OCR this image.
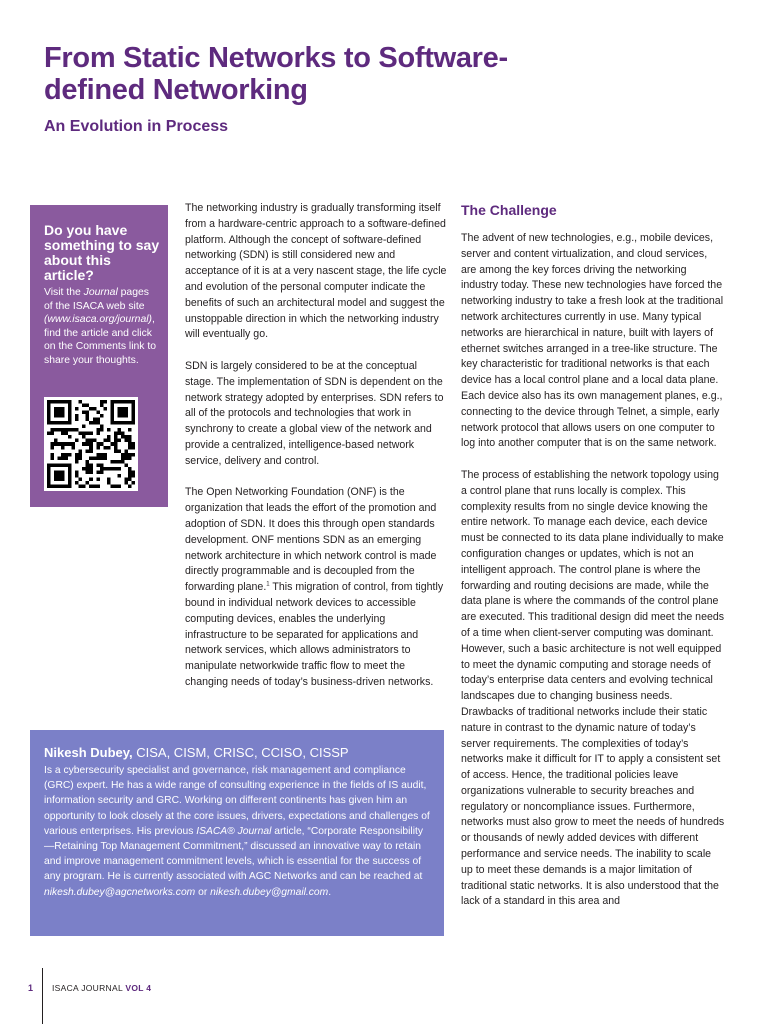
From Static Networks to Software-defined Networking
An Evolution in Process

Do you have something to say about this article?

Visit the Journal pages of the ISACA web site (www.isaca.org/journal), find the article and click on the Comments link to share your thoughts.

The networking industry is gradually transforming itself from a hardware-centric approach to a software-defined platform. Although the concept of software-defined networking (SDN) is still considered new and acceptance of it is at a very nascent stage, the life cycle and evolution of the personal computer indicate the benefits of such an architectural model and suggest the unstoppable direction in which the networking industry will eventually go.

SDN is largely considered to be at the conceptual stage. The implementation of SDN is dependent on the network strategy adopted by enterprises. SDN refers to all of the protocols and technologies that work in synchrony to create a global view of the network and provide a centralized, intelligence-based network service, delivery and control.

The Open Networking Foundation (ONF) is the organization that leads the effort of the promotion and adoption of SDN. It does this through open standards development. ONF mentions SDN as an emerging network architecture in which network control is made directly programmable and is decoupled from the forwarding plane.$^1$ This migration of control, from tightly bound in individual network devices to accessible computing devices, enables the underlying infrastructure to be separated for applications and network services, which allows administrators to manipulate networkwide traffic flow to meet the changing needs of today’s business-driven networks.

The Challenge

The advent of new technologies, e.g., mobile devices, server and content virtualization, and cloud services, are among the key forces driving the networking industry today. These new technologies have forced the networking industry to take a fresh look at the traditional network architectures currently in use. Many typical networks are hierarchical in nature, built with layers of ethernet switches arranged in a tree-like structure. The key characteristic for traditional networks is that each device has a local control plane and a local data plane. Each device also has its own management planes, e.g., connecting to the device through Telnet, a simple, early network protocol that allows users on one computer to log into another computer that is on the same network.

The process of establishing the network topology using a control plane that runs locally is complex. This complexity results from no single device knowing the entire network. To manage each device, each device must be connected to its data plane individually to make configuration changes or updates, which is not an intelligent approach. The control plane is where the forwarding and routing decisions are made, while the data plane is where the commands of the control plane are executed. This traditional design did meet the needs of a time when client-server computing was dominant. However, such a basic architecture is not well equipped to meet the dynamic computing and storage needs of today’s enterprise data centers and evolving technical landscapes due to changing business needs. Drawbacks of traditional networks include their static nature in contrast to the dynamic nature of today’s server requirements. The complexities of today’s networks make it difficult for IT to apply a consistent set of access. Hence, the traditional policies leave organizations vulnerable to security breaches and regulatory or noncompliance issues. Furthermore, networks must also grow to meet the needs of hundreds or thousands of newly added devices with different performance and service needs. The inability to scale up to meet these demands is a major limitation of traditional static networks. It is also understood that the lack of a standard in this area and

Nikesh Dubey, CISA, CISM, CRISC, CCISO, CISSP

Is a cybersecurity specialist and governance, risk management and compliance (GRC) expert. He has a wide range of consulting experience in the fields of IS audit, information security and GRC. Working on different continents has given him an opportunity to look closely at the core issues, drivers, expectations and challenges of various enterprises. His previous ISACA® Journal article, “Corporate Responsibility—Retaining Top Management Commitment,” discussed an innovative way to retain and improve management commitment levels, which is essential for the success of any program. He is currently associated with AGC Networks and can be reached at nikesh.dubey@agcnetworks.com or nikesh.dubey@gmail.com.

1 ISACA JOURNAL VOL 4
